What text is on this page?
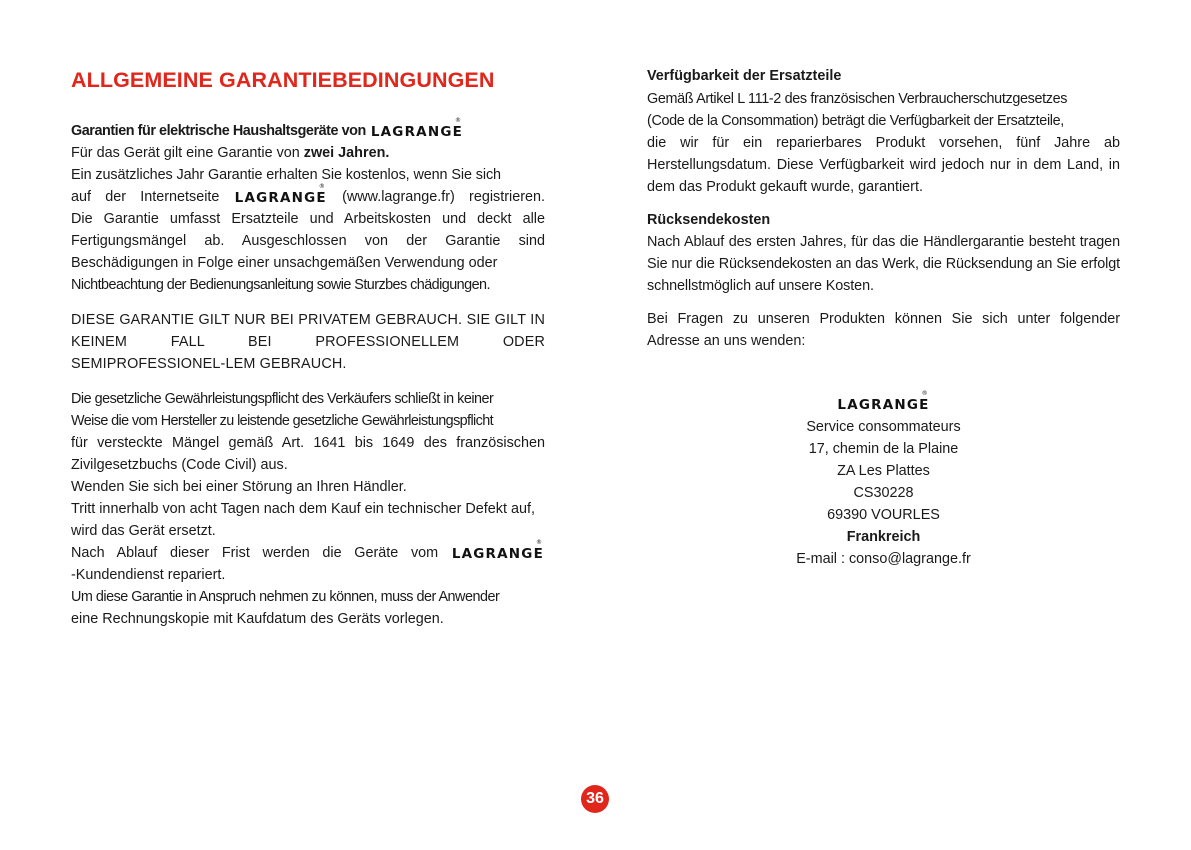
ALLGEMEINE GARANTIEBEDINGUNGEN
Garantien für elektrische Haushaltsgeräte von LAGRANGE
®

Für das Gerät gilt eine Garantie von zwei Jahren.

Ein zusätzliches Jahr Garantie erhalten Sie kostenlos, wenn Sie sich

auf der Internetseite LAGRANGE
®
(www.lagrange.fr) registrieren.

Die Garantie umfasst Ersatzteile und Arbeitskosten und deckt alle Fertigungsmängel ab. Ausgeschlossen von der Garantie sind Beschädigungen in Folge einer unsachgemäßen Verwendung oder

Nichtbeachtung der Bedienungsanleitung sowie Sturzbes chädigungen.

DIESE GARANTIE GILT NUR BEI PRIVATEM GEBRAUCH. SIE GILT IN KEINEM FALL BEI PROFESSIONELLEM ODER SEMIPROFESSIONEL-LEM GEBRAUCH.

Die gesetzliche Gewährleistungspflicht des Verkäufers schließt in keiner

Weise die vom Hersteller zu leistende gesetzliche Gewährleistungspflicht

für versteckte Mängel gemäß Art. 1641 bis 1649 des französischen Zivilgesetzbuchs (Code Civil) aus.

Wenden Sie sich bei einer Störung an Ihren Händler.

Tritt innerhalb von acht Tagen nach dem Kauf ein technischer Defekt auf, wird das Gerät ersetzt.

Nach Ablauf dieser Frist werden die Geräte vom LAGRANGE
®

-Kundendienst repariert.

Um diese Garantie in Anspruch nehmen zu können, muss der Anwender

eine Rechnungskopie mit Kaufdatum des Geräts vorlegen.

Verfügbarkeit der Ersatzteile

Gemäß Artikel L 111-2 des französischen Verbraucherschutzgesetzes

(Code de la Consommation) beträgt die Verfügbarkeit der Ersatzteile,

die wir für ein reparierbares Produkt vorsehen, fünf Jahre ab Herstellungsdatum. Diese Verfügbarkeit wird jedoch nur in dem Land, in dem das Produkt gekauft wurde, garantiert.

Rücksendekosten

Nach Ablauf des ersten Jahres, für das die Händlergarantie besteht tragen Sie nur die Rücksendekosten an das Werk, die Rücksendung an Sie erfolgt schnellstmöglich auf unsere Kosten.

Bei Fragen zu unseren Produkten können Sie sich unter folgender Adresse an uns wenden:

LAGRANGE
®

Service consommateurs

17, chemin de la Plaine

ZA Les Plattes

CS30228

69390 VOURLES

Frankreich

E-mail : conso@lagrange.fr

36
